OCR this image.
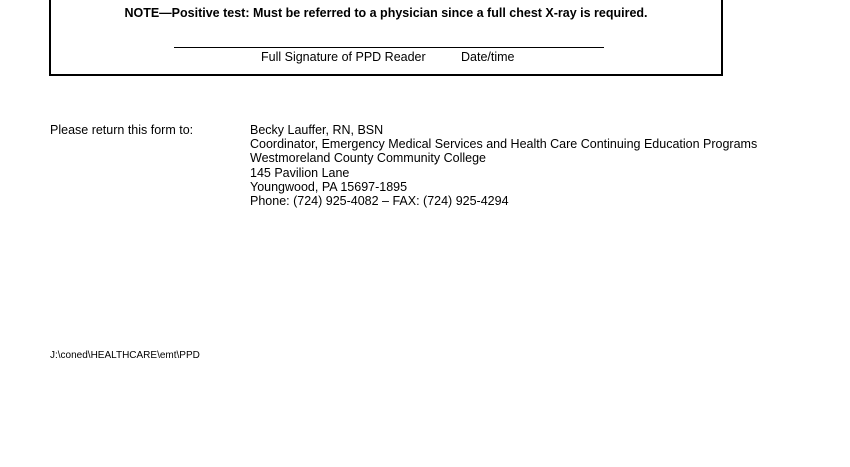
NOTE—Positive test: Must be referred to a physician since a full chest X-ray is required.
Full Signature of PPD Reader	Date/time
Please return this form to:	Becky Lauffer, RN, BSN
Coordinator, Emergency Medical Services and Health Care Continuing Education Programs
Westmoreland County Community College
145 Pavilion Lane
Youngwood, PA 15697-1895
Phone: (724) 925-4082 – FAX: (724) 925-4294
J:\coned\HEALTHCARE\emt\PPD
